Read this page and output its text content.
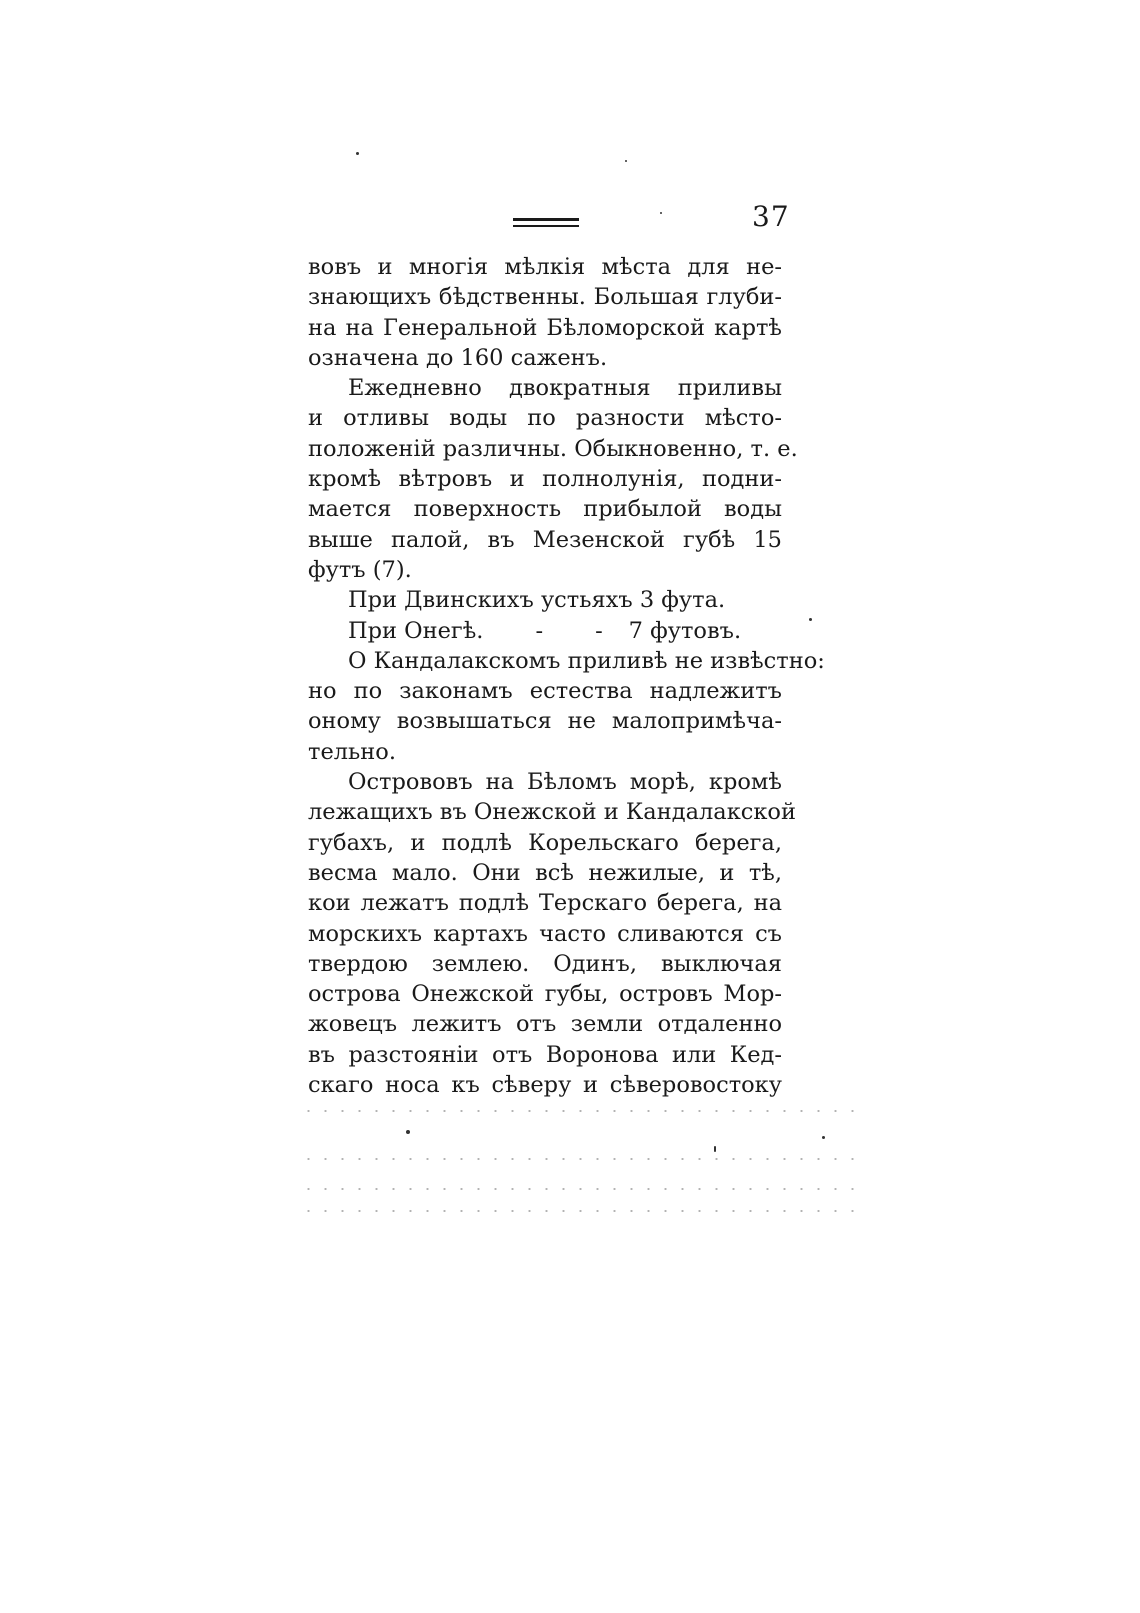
37
вовъ и многія мѣлкія мѣста для не-
знающихъ бѣдственны. Большая глуби-
на на Генеральной Бѣломорской картѣ
означена до 160 саженъ.
Ежедневно двократныя приливы
и отливы воды по разности мѣсто-
положеній различны. Обыкновенно, т. е.
кромѣ вѣтровъ и полнолунія, подни-
мается поверхность прибылой воды
выше палой, въ Мезенской губѣ 15
футъ (7).
При Двинскихъ устьяхъ 3 фута.
При Онегѣ. - - 7 футовъ.
О Кандалакскомъ приливѣ не извѣстно:
но по законамъ естества надлежитъ
оному возвышаться не малопримѣча-
тельно.
Острововъ на Бѣломъ морѣ, кромѣ
лежащихъ въ Онежской и Кандалакской
губахъ, и подлѣ Корельскаго берега,
весма мало. Они всѣ нежилые, и тѣ,
кои лежатъ подлѣ Терскаго берега, на
морскихъ картахъ часто сливаются съ
твердою землею. Одинъ, выключая
острова Онежской губы, островъ Мор-
жовецъ лежитъ отъ земли отдаленно
въ разстояніи отъ Воронова или Кед-
скаго носа къ сѣверу и сѣверовостоку
